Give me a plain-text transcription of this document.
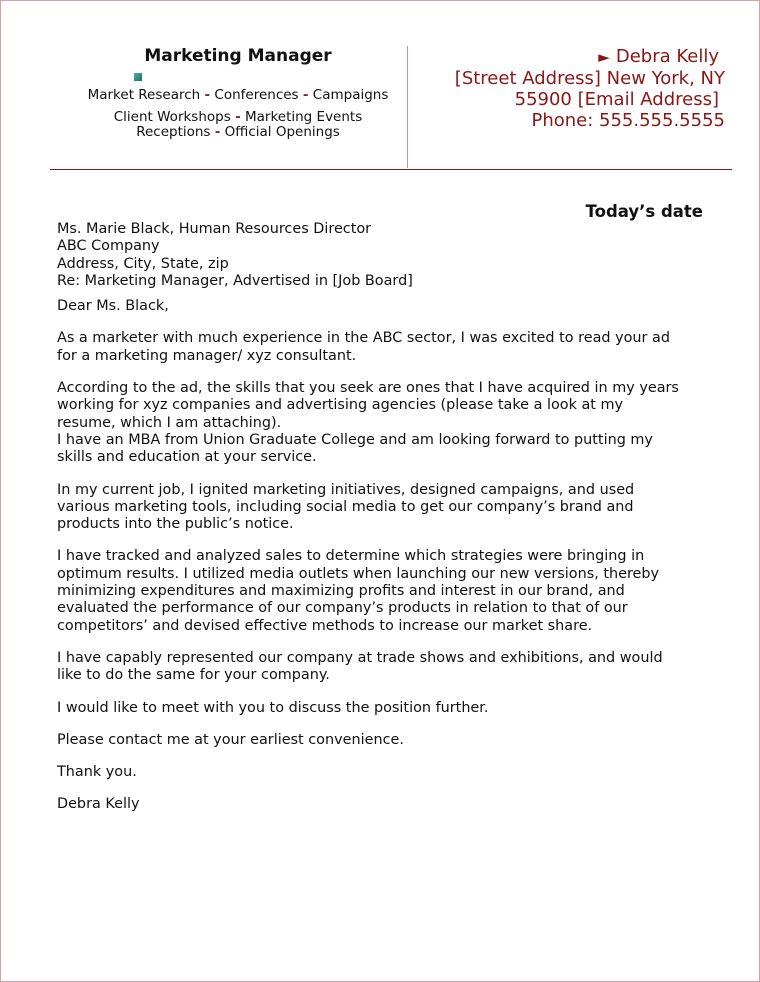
Marketing Manager
Market Research - Conferences - Campaigns
Client Workshops - Marketing Events
Receptions - Official Openings
► Debra Kelly
[Street Address] New York, NY
55900 [Email Address]
Phone: 555.555.5555
Today’s date
Ms. Marie Black, Human Resources Director
ABC Company
Address, City, State, zip
Re: Marketing Manager, Advertised in [Job Board]

Dear Ms. Black,

As a marketer with much experience in the ABC sector, I was excited to read your ad
for a marketing manager/ xyz consultant.

According to the ad, the skills that you seek are ones that I have acquired in my years
working for xyz companies and advertising agencies (please take a look at my
resume, which I am attaching).
I have an MBA from Union Graduate College and am looking forward to putting my
skills and education at your service.

In my current job, I ignited marketing initiatives, designed campaigns, and used
various marketing tools, including social media to get our company’s brand and
products into the public’s notice.

I have tracked and analyzed sales to determine which strategies were bringing in
optimum results. I utilized media outlets when launching our new versions, thereby
minimizing expenditures and maximizing profits and interest in our brand, and
evaluated the performance of our company’s products in relation to that of our
competitors’ and devised effective methods to increase our market share.

I have capably represented our company at trade shows and exhibitions, and would
like to do the same for your company.

I would like to meet with you to discuss the position further.

Please contact me at your earliest convenience.

Thank you.

Debra Kelly
